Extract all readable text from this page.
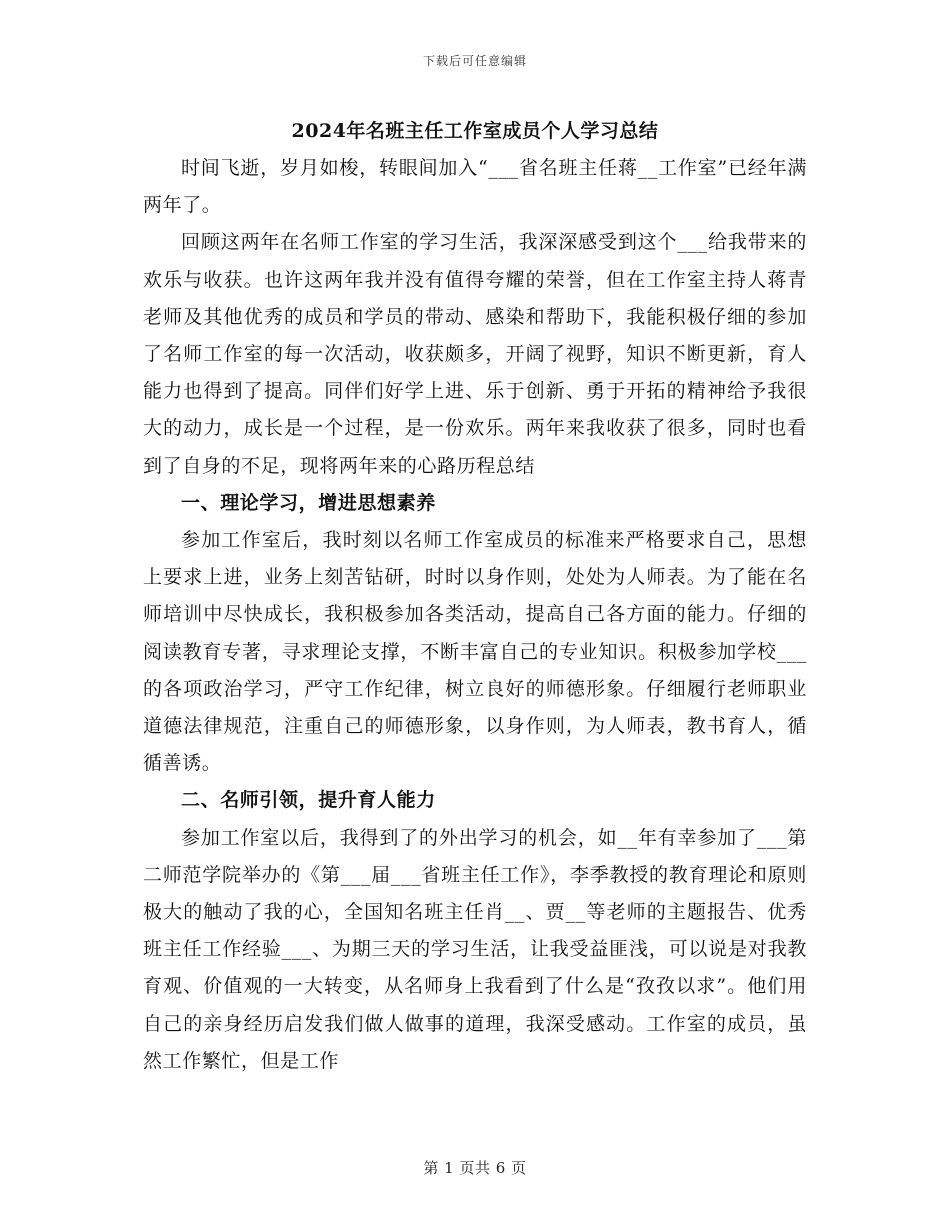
下载后可任意编辑
2024年名班主任工作室成员个人学习总结

时间飞逝，岁月如梭，转眼间加入“___省名班主任蒋__工作室”已经年满两年了。

回顾这两年在名师工作室的学习生活，我深深感受到这个___给我带来的欢乐与收获。也许这两年我并没有值得夸耀的荣誉，但在工作室主持人蒋青老师及其他优秀的成员和学员的带动、感染和帮助下，我能积极仔细的参加了名师工作室的每一次活动，收获颇多，开阔了视野，知识不断更新，育人能力也得到了提高。同伴们好学上进、乐于创新、勇于开拓的精神给予我很大的动力，成长是一个过程，是一份欢乐。两年来我收获了很多，同时也看到了自身的不足，现将两年来的心路历程总结

一、理论学习，增进思想素养

参加工作室后，我时刻以名师工作室成员的标准来严格要求自己，思想上要求上进，业务上刻苦钻研，时时以身作则，处处为人师表。为了能在名师培训中尽快成长，我积极参加各类活动，提高自己各方面的能力。仔细的阅读教育专著，寻求理论支撑，不断丰富自己的专业知识。积极参加学校___的各项政治学习，严守工作纪律，树立良好的师德形象。仔细履行老师职业道德法律规范，注重自己的师德形象，以身作则，为人师表，教书育人，循循善诱。

二、名师引领，提升育人能力

参加工作室以后，我得到了的外出学习的机会，如__年有幸参加了___第二师范学院举办的《第___届___省班主任工作》，李季教授的教育理论和原则极大的触动了我的心，全国知名班主任肖__、贾__等老师的主题报告、优秀班主任工作经验___、为期三天的学习生活，让我受益匪浅，可以说是对我教育观、价值观的一大转变，从名师身上我看到了什么是“孜孜以求”。他们用自己的亲身经历启发我们做人做事的道理，我深受感动。工作室的成员，虽然工作繁忙，但是工作

第 1 页共 6 页
